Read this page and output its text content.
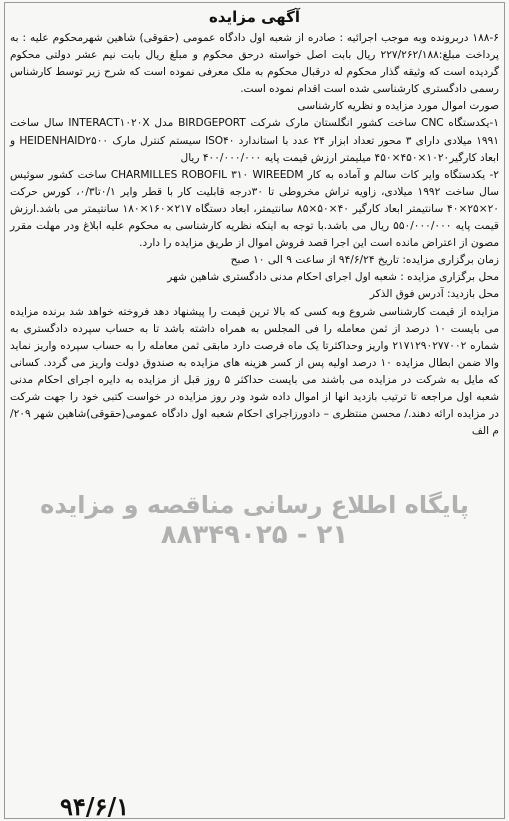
آگهی مزایده

۱۸۸-۶ دربرونده وبه موجب اجرائیه : صادره از شعبه اول دادگاه عمومی (حقوقی) شاهین شهرمحکوم علیه : به پرداخت مبلغ:۲۲۷/۲۶۲/۱۸۸ ریال بابت اصل خواسته درحق محکوم و مبلغ ریال بابت نیم عشر دولتی محکوم گردیده است که وثیقه گذار محکوم له درقبال محکوم به ملک معرفی نموده است که شرح زیر توسط کارشناس رسمی دادگستری کارشناسی شده است اقدام نموده است.

صورت اموال مورد مزایده و نظریه کارشناسی

۱-یکدستگاه CNC ساخت کشور انگلستان مارک شرکت BIRDGEPORT مدل INTERACT۱۰۲۰X سال ساخت ۱۹۹۱ میلادی دارای ۳ محور تعداد ابزار ۲۴ عدد با استاندارد ISO۴۰ سیستم کنترل مارک HEIDENHAID۲۵۰۰ و ابعاد کارگیر۱۰۲۰×۴۵۰×۴۵۰ میلیمتر ارزش قیمت پایه ۴۰۰/۰۰۰/۰۰۰ ریال

۲- یکدستگاه وایر کات سالم و آماده به کار CHARMILLES ROBOFIL ۳۱۰ WIREEDM ساخت کشور سوئیس سال ساخت ۱۹۹۲ میلادی، زاویه تراش مخروطی تا ۳۰درجه قابلیت کار با قطر وایر ۰/۱تا۰/۳، کورس حرکت ۲۰×۲۵×۴۰ سانتیمتر ابعاد کارگیر ۴۰×۵۰×۸۵ سانتیمتر، ابعاد دستگاه ۲۱۷×۱۶۰×۱۸۰ سانتیمتر می باشد.ارزش قیمت پایه ۵۵۰/۰۰۰/۰۰۰ ریال می باشد.با توجه به اینکه نظریه کارشناسی به محکوم علیه ابلاغ ودر مهلت مقرر مصون از اعتراض مانده است این اجرا قصد فروش اموال از طریق مزایده را دارد.

زمان برگزاری مزایده: تاریخ ۹۴/۶/۲۴ از ساعت ۹ الی ۱۰ صبح

محل برگزاری مزایده : شعبه اول اجرای احکام مدنی دادگستری شاهین شهر

محل بازدید: آدرس فوق الذکر

مزایده از قیمت کارشناسی شروع وبه کسی که بالا ترین قیمت را پیشنهاد دهد فروخته خواهد شد برنده مزایده می بایست ۱۰ درصد از ثمن معامله را فی المجلس به همراه داشته باشد تا به حساب سپرده دادگستری به شماره ۲۱۷۱۲۹۰۲۷۷۰۰۲ واریز وحداکثرتا یک ماه فرصت دارد مابقی ثمن معامله را به حساب سپرده واریز نماید والا ضمن ابطال مزایده ۱۰ درصد اولیه پس از کسر هزینه های مزایده به صندوق دولت واریز می گردد. کسانی که مایل به شرکت در مزایده می باشند می بایست حداکثر ۵ روز قبل از مزایده به دایره اجرای احکام مدنی شعبه اول مراجعه تا ترتیب بازدید انها از اموال داده شود ودر روز مزایده در خواست کتبی خود را جهت شرکت در مزایده ارائه دهند./ محسن منتظری – دادورزاجرای احکام شعبه اول دادگاه عمومی(حقوقی)شاهین شهر ۲۰۹/ م الف

پایگاه اطلاع رسانی مناقصه و مزایده
۲۱ - ۸۸۳۴۹۰۲۵
۹۴/۶/۱
